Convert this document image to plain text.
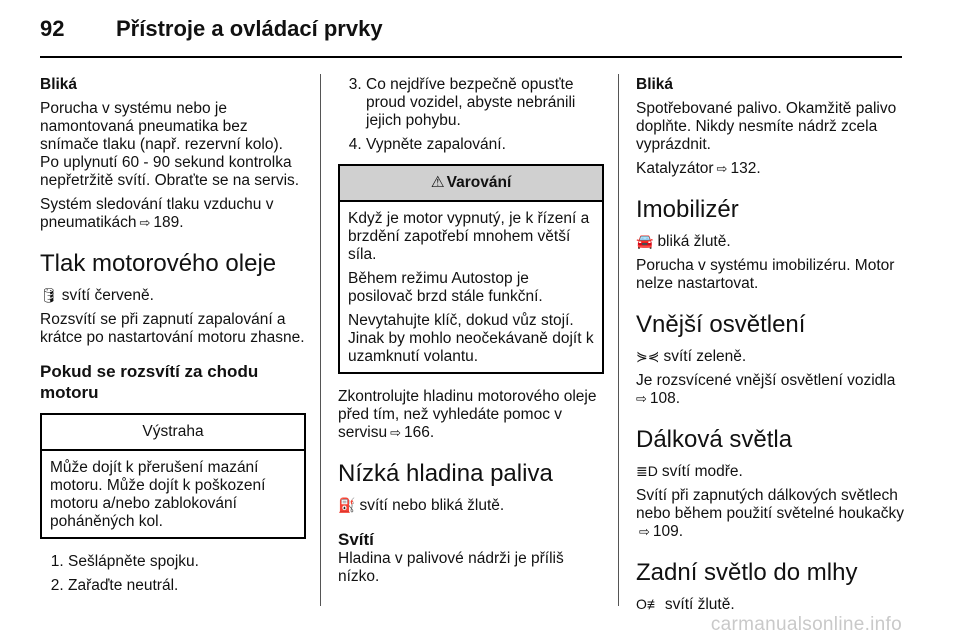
92 Přístroje a ovládací prvky

Bliká

Porucha v systému nebo je namontovaná pneumatika bez snímače tlaku (např. rezervní kolo). Po uplynutí 60 - 90 sekund kontrolka nepřetržitě svítí. Obraťte se na servis.

Systém sledování tlaku vzduchu v pneumatikách ⇨ 189.

Tlak motorového oleje

🛢 svítí červeně.

Rozsvítí se při zapnutí zapalování a krátce po nastartování motoru zhasne.

Pokud se rozsvítí za chodu motoru
Výstraha
Může dojít k přerušení mazání motoru. Může dojít k poškození motoru a/nebo zablokování poháněných kol.
1. Sešlápněte spojku.
2. Zařaďte neutrál.
3. Co nejdříve bezpečně opusťte proud vozidel, abyste nebránili jejich pohybu.
4. Vypněte zapalování.
⚠ Varování

Když je motor vypnutý, je k řízení a brzdění zapotřebí mnohem větší síla.

Během režimu Autostop je posilovač brzd stále funkční.

Nevytahujte klíč, dokud vůz stojí. Jinak by mohlo neočekávaně dojít k uzamknutí volantu.

Zkontrolujte hladinu motorového oleje před tím, než vyhledáte pomoc v servisu ⇨ 166.

Nízká hladina paliva

⛽ svítí nebo bliká žlutě.

Svítí

Hladina v palivové nádrži je příliš nízko.

Bliká

Spotřebované palivo. Okamžitě palivo doplňte. Nikdy nesmíte nádrž zcela vyprázdnit.

Katalyzátor ⇨ 132.

Imobilizér

🚘 bliká žlutě.

Porucha v systému imobilizéru. Motor nelze nastartovat.

Vnější osvětlení

⋟⋞ svítí zeleně.

Je rozsvícené vnější osvětlení vozidla
⇨ 108.

Dálková světla

≣D svítí modře.

Svítí při zapnutých dálkových světlech nebo během použití světelné houkačky⇨ 109.

Zadní světlo do mlhy

O≢ svítí žlutě.

carmanualsonline.info
